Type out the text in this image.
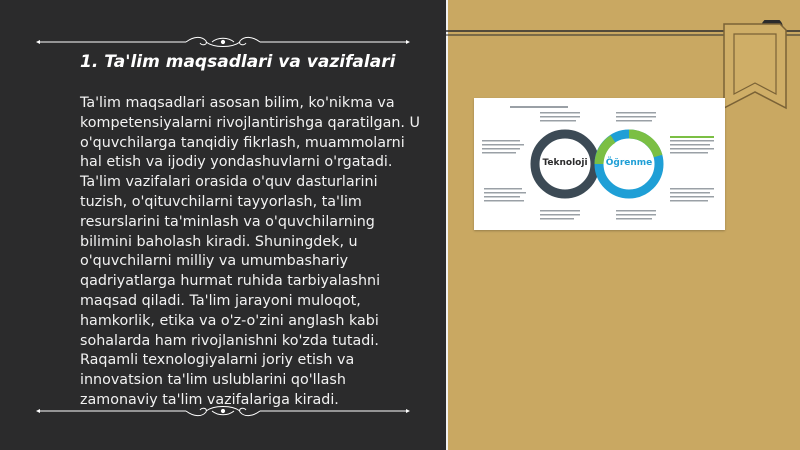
1. Ta'lim maqsadlari va vazifalari
Ta'lim maqsadlari asosan bilim, ko'nikma va kompetensiyalarni rivojlantirishga qaratilgan. U o'quvchilarga tanqidiy fikrlash, muammolarni hal etish va ijodiy yondashuvlarni o'rgatadi. Ta'lim vazifalari orasida o'quv dasturlarini tuzish, o'qituvchilarni tayyorlash, ta'lim resurslarini ta'minlash va o'quvchilarning bilimini baholash kiradi. Shuningdek, u o'quvchilarni milliy va umumbashariy qadriyatlarga hurmat ruhida tarbiyalashni maqsad qiladi. Ta'lim jarayoni muloqot, hamkorlik, etika va o'z-o'zini anglash kabi sohalarda ham rivojlanishni ko'zda tutadi. Raqamli texnologiyalarni joriy etish va innovatsion ta'lim uslublarini qo'llash zamonaviy ta'lim vazifalariga kiradi.
Teknoloji	Öğrenme
